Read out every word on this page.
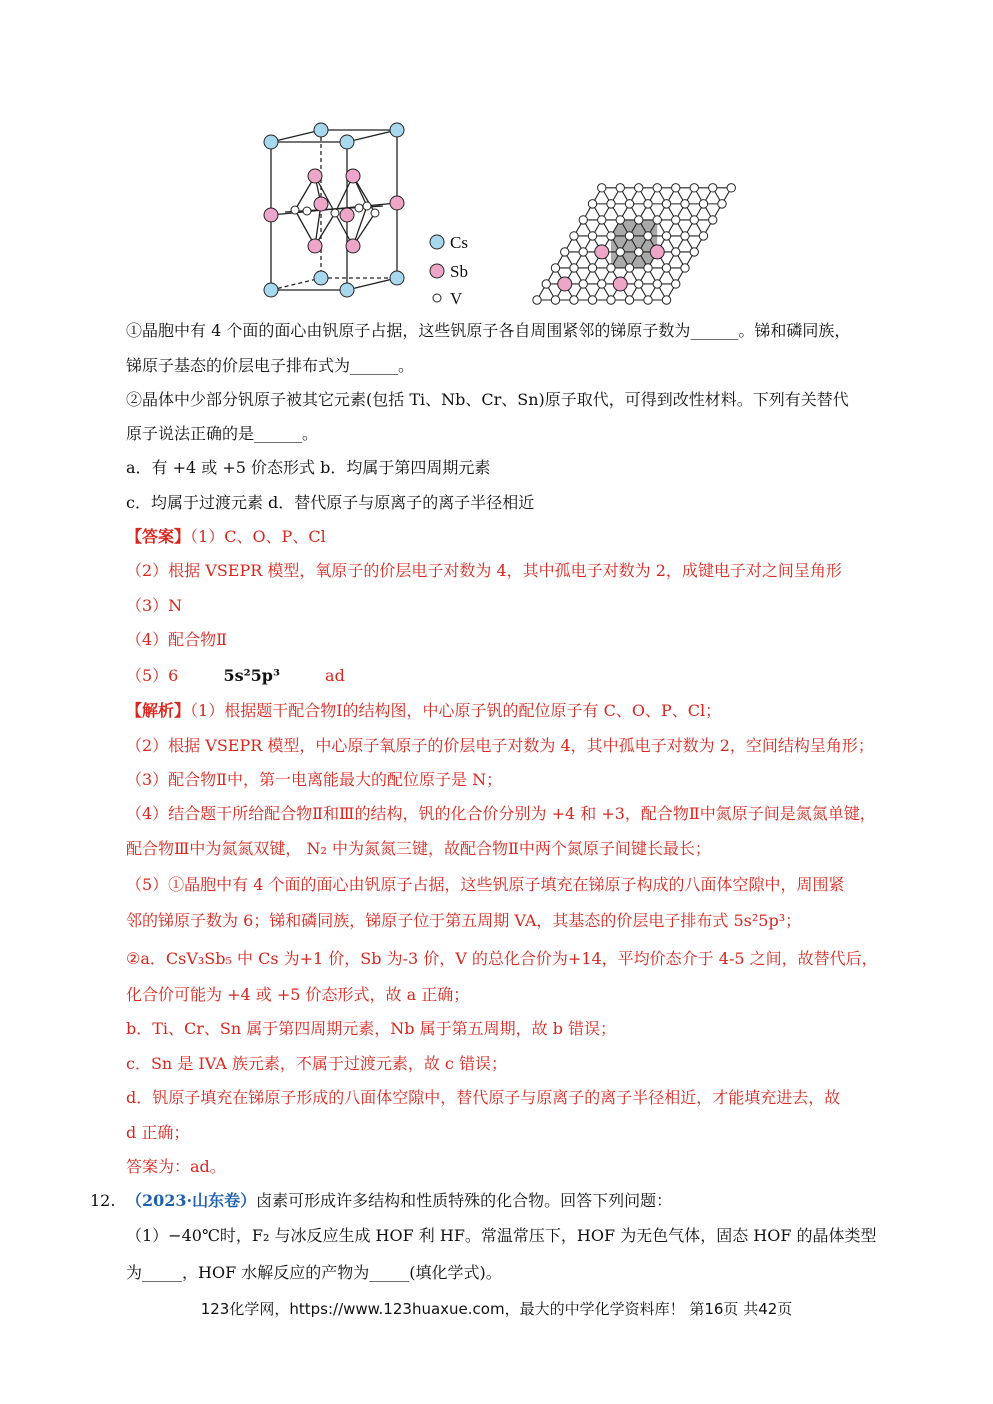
Cs
Sb
V
①晶胞中有 4 个面的面心由钒原子占据，这些钒原子各自周围紧邻的锑原子数为______。锑和磷同族，
锑原子基态的价层电子排布式为______。
②晶体中少部分钒原子被其它元素(包括 Ti、Nb、Cr、Sn)原子取代，可得到改性材料。下列有关替代
原子说法正确的是______。
a．有 +4 或 +5 价态形式 b．均属于第四周期元素
c．均属于过渡元素 d．替代原子与原离子的离子半径相近
【答案】（1）C、O、P、Cl
（2）根据 VSEPR 模型，氧原子的价层电子对数为 4，其中孤电子对数为 2，成键电子对之间呈角形
（3）N
（4）配合物Ⅱ
（5）6	5s²5p³	ad
【解析】（1）根据题干配合物Ⅰ的结构图，中心原子钒的配位原子有 C、O、P、Cl；
（2）根据 VSEPR 模型，中心原子氧原子的价层电子对数为 4，其中孤电子对数为 2，空间结构呈角形；
（3）配合物Ⅱ中，第一电离能最大的配位原子是 N；
（4）结合题干所给配合物Ⅱ和Ⅲ的结构，钒的化合价分别为 +4 和 +3，配合物Ⅱ中氮原子间是氮氮单键，
配合物Ⅲ中为氮氮双键， N₂ 中为氮氮三键，故配合物Ⅱ中两个氮原子间键长最长；
（5）①晶胞中有 4 个面的面心由钒原子占据，这些钒原子填充在锑原子构成的八面体空隙中，周围紧
邻的锑原子数为 6；锑和磷同族，锑原子位于第五周期 VA，其基态的价层电子排布式 5s²5p³；
②a．CsV₃Sb₅ 中 Cs 为+1 价，Sb 为-3 价，V 的总化合价为+14，平均价态介于 4-5 之间，故替代后，
化合价可能为 +4 或 +5 价态形式，故 a 正确；
b．Ti、Cr、Sn 属于第四周期元素，Nb 属于第五周期，故 b 错误；
c．Sn 是 IVA 族元素，不属于过渡元素，故 c 错误；
d．钒原子填充在锑原子形成的八面体空隙中，替代原子与原离子的离子半径相近，才能填充进去，故
d 正确；
答案为：ad。
12. （2023·山东卷）卤素可形成许多结构和性质特殊的化合物。回答下列问题：
（1）−40℃时，F₂ 与冰反应生成 HOF 利 HF。常温常压下，HOF 为无色气体，固态 HOF 的晶体类型
为_____，HOF 水解反应的产物为_____(填化学式)。
123化学网，https://www.123huaxue.com，最大的中学化学资料库！ 第16页 共42页
